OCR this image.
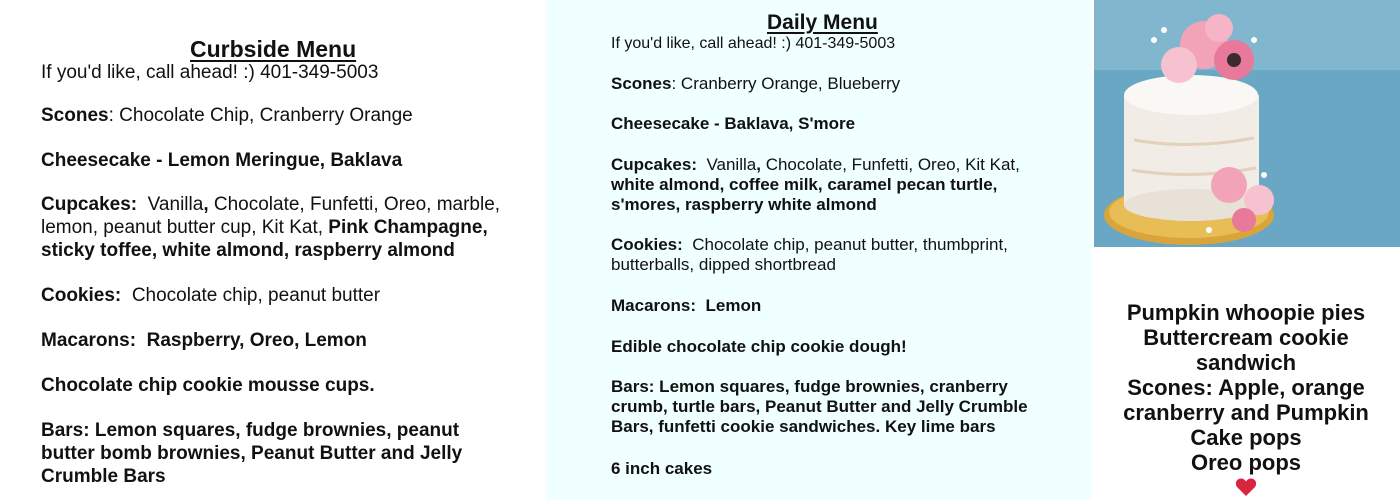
Curbside Menu
If you'd like, call ahead! :) 401-349-5003
Scones: Chocolate Chip, Cranberry Orange
Cheesecake - Lemon Meringue, Baklava
Cupcakes: Vanilla, Chocolate, Funfetti, Oreo, marble, lemon, peanut butter cup, Kit Kat, Pink Champagne, sticky toffee, white almond, raspberry almond
Cookies: Chocolate chip, peanut butter
Macarons: Raspberry, Oreo, Lemon
Chocolate chip cookie mousse cups.
Bars: Lemon squares, fudge brownies, peanut butter bomb brownies, Peanut Butter and Jelly Crumble Bars
Daily Menu
If you'd like, call ahead! :) 401-349-5003
Scones: Cranberry Orange, Blueberry
Cheesecake - Baklava, S'more
Cupcakes: Vanilla, Chocolate, Funfetti, Oreo, Kit Kat, white almond, coffee milk, caramel pecan turtle, s'mores, raspberry white almond
Cookies: Chocolate chip, peanut butter, thumbprint, butterballs, dipped shortbread
Macarons: Lemon
Edible chocolate chip cookie dough!
Bars: Lemon squares, fudge brownies, cranberry crumb, turtle bars, Peanut Butter and Jelly Crumble Bars, funfetti cookie sandwiches. Key lime bars
6 inch cakes
Pumpkin whoopie pies
Buttercream cookie sandwich
Scones: Apple, orange cranberry and Pumpkin
Cake pops
Oreo pops
